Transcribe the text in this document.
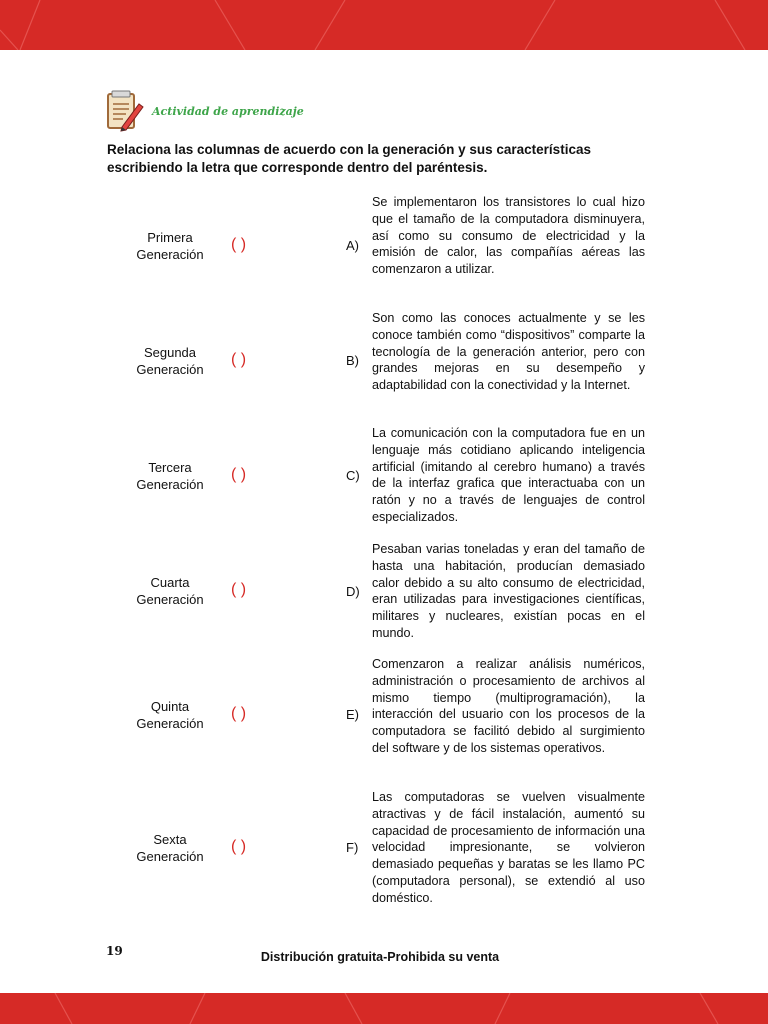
Actividad de aprendizaje
Relaciona las columnas de acuerdo con la generación y sus características escribiendo la letra que corresponde dentro del paréntesis.
Primera
Generación
( )	A)
Se implementaron los transistores lo cual hizo que el tamaño de la computadora disminuyera, así como su consumo de electricidad y la emisión de calor, las compañías aéreas las comenzaron a utilizar.
Segunda
Generación
( )	B)
Son como las conoces actualmente y se les conoce también como “dispositivos” comparte la tecnología de la generación anterior, pero con grandes mejoras en su desempeño y adaptabilidad con la conectividad y la Internet.
Tercera
Generación
( )	C)
La comunicación con la computadora fue en un lenguaje más cotidiano aplicando inteligencia artificial (imitando al cerebro humano) a través de la interfaz grafica que interactuaba con un ratón y no a través de lenguajes de control especializados.
Cuarta
Generación
( )	D)
Pesaban varias toneladas y eran del tamaño de hasta una habitación, producían demasiado calor debido a su alto consumo de electricidad, eran utilizadas para investigaciones científicas, militares y nucleares, existían pocas en el mundo.
Quinta
Generación
( )	E)
Comenzaron a realizar análisis numéricos, administración o procesamiento de archivos al mismo tiempo (multiprogramación), la interacción del usuario con los procesos de la computadora se facilitó debido al surgimiento del software y de los sistemas operativos.
Sexta
Generación
( )	F)
Las computadoras se vuelven visualmente atractivas y de fácil instalación, aumentó su capacidad de procesamiento de información una velocidad impresionante, se volvieron demasiado pequeñas y baratas se les llamo PC (computadora personal), se extendió al uso doméstico.
19	Distribución gratuita-Prohibida su venta
